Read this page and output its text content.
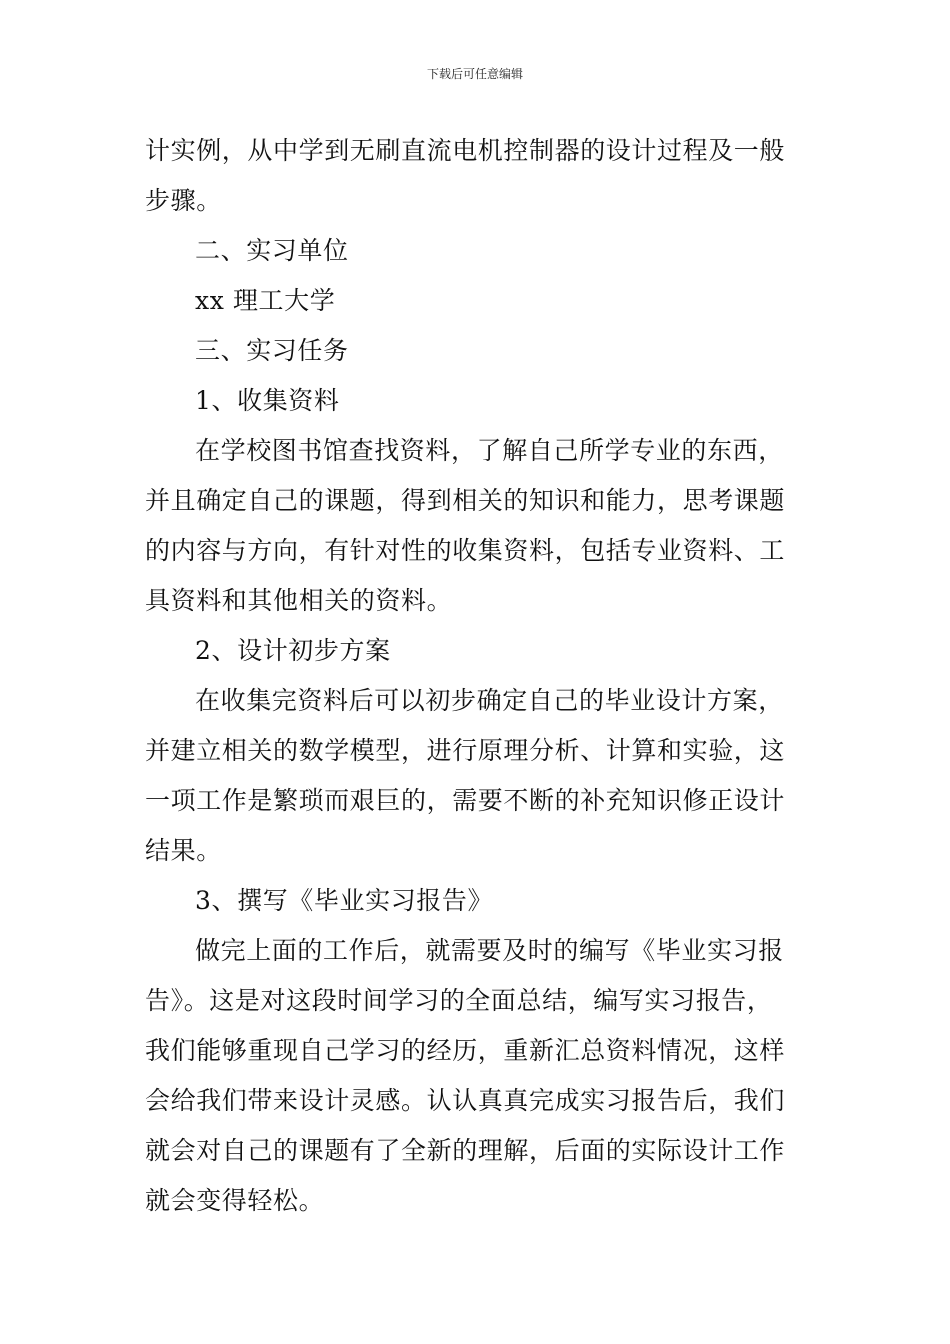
下载后可任意编辑
计实例，从中学到无刷直流电机控制器的设计过程及一般
步骤。
二、实习单位
xx 理工大学
三、实习任务
1、收集资料
在学校图书馆查找资料，了解自己所学专业的东西，
并且确定自己的课题，得到相关的知识和能力，思考课题
的内容与方向，有针对性的收集资料，包括专业资料、工
具资料和其他相关的资料。
2、设计初步方案
在收集完资料后可以初步确定自己的毕业设计方案，
并建立相关的数学模型，进行原理分析、计算和实验，这
一项工作是繁琐而艰巨的，需要不断的补充知识修正设计
结果。
3、撰写《毕业实习报告》
做完上面的工作后，就需要及时的编写《毕业实习报
告》。这是对这段时间学习的全面总结，编写实习报告，
我们能够重现自己学习的经历，重新汇总资料情况，这样
会给我们带来设计灵感。认认真真完成实习报告后，我们
就会对自己的课题有了全新的理解，后面的实际设计工作
就会变得轻松。
